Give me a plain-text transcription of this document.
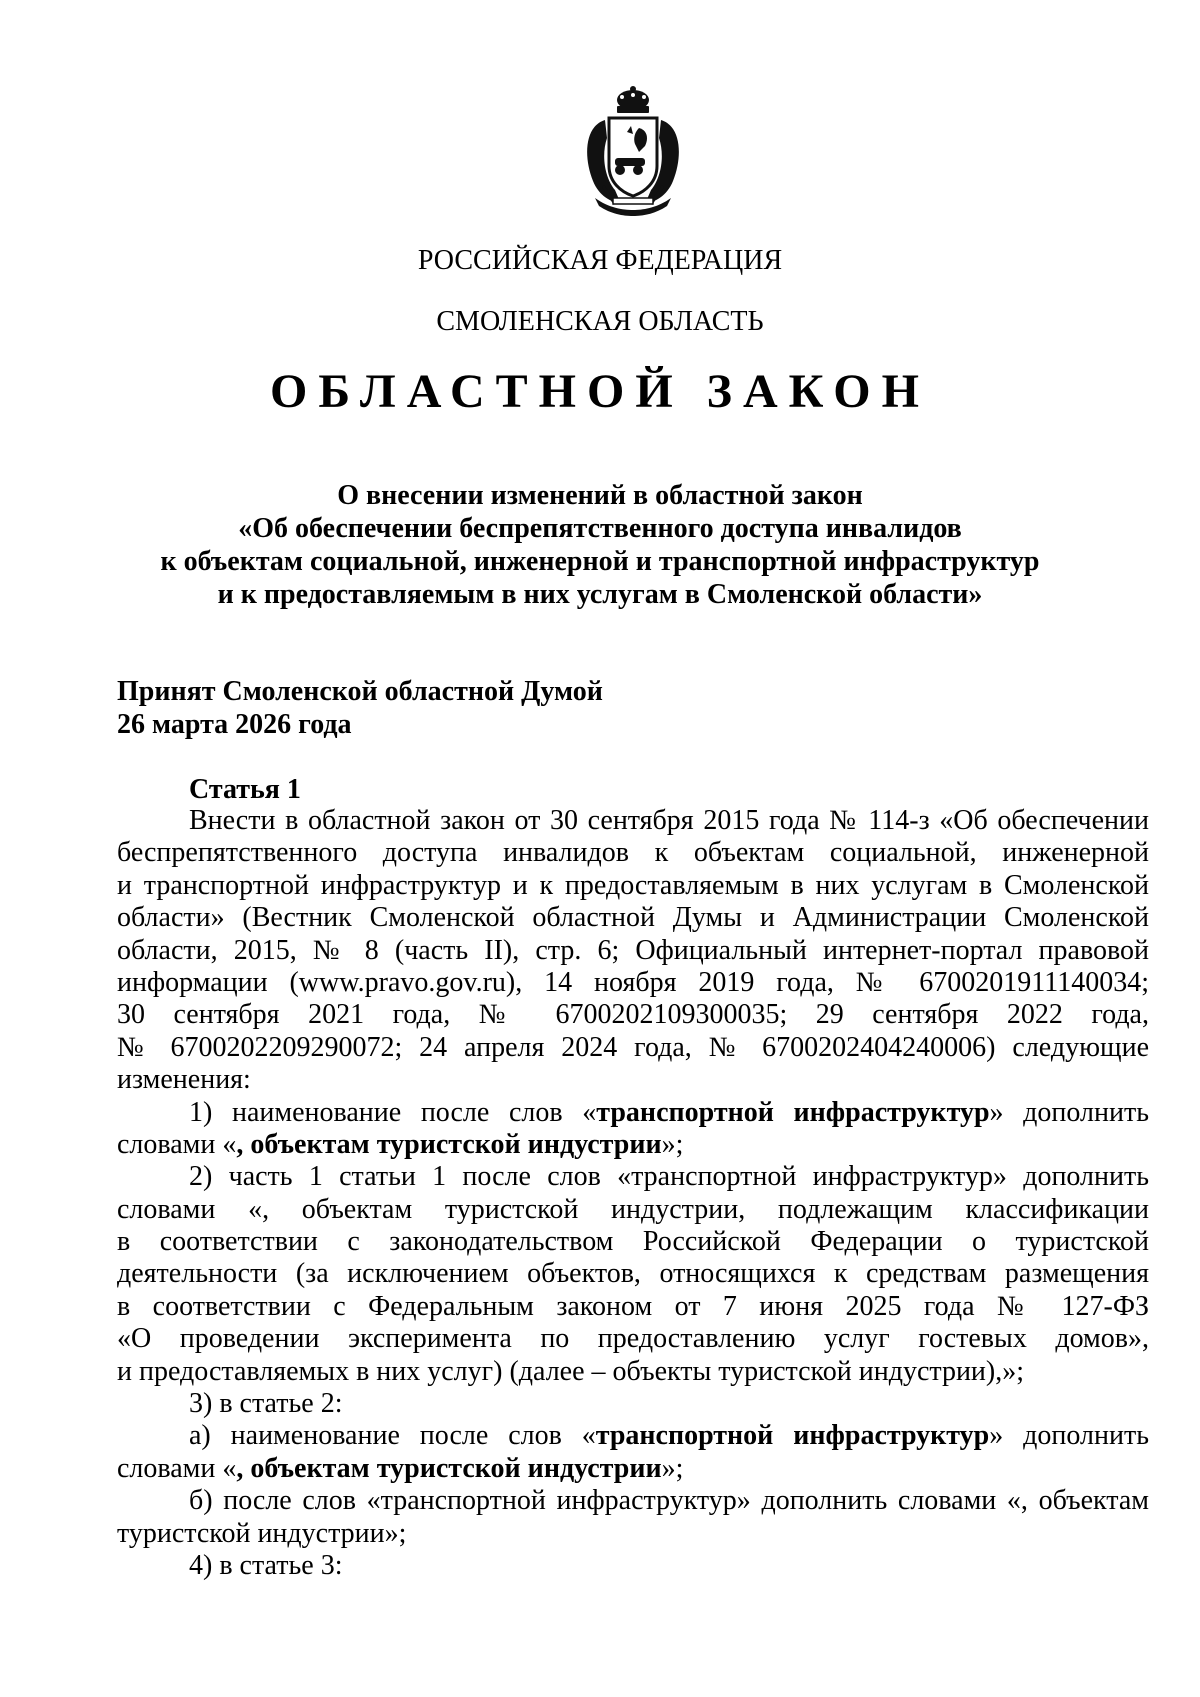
РОССИЙСКАЯ ФЕДЕРАЦИЯ
СМОЛЕНСКАЯ ОБЛАСТЬ
ОБЛАСТНОЙ ЗАКОН
О внесении изменений в областной закон
«Об обеспечении беспрепятственного доступа инвалидов
к объектам социальной, инженерной и транспортной инфраструктур
и к предоставляемым в них услугам в Смоленской области»
Принят Смоленской областной Думой
26 марта 2026 года
Статья 1
Внести в областной закон от 30 сентября 2015 года № 114-з «Об обеспечении
беспрепятственного доступа инвалидов к объектам социальной, инженерной
и транспортной инфраструктур и к предоставляемым в них услугам в Смоленской
области» (Вестник Смоленской областной Думы и Администрации Смоленской
области, 2015, № 8 (часть II), стр. 6; Официальный интернет-портал правовой
информации (www.pravo.gov.ru), 14 ноября 2019 года, № 6700201911140034;
30 сентября 2021 года, № 6700202109300035; 29 сентября 2022 года,
№ 6700202209290072; 24 апреля 2024 года, № 6700202404240006) следующие
изменения:
1) наименование после слов «транспортной инфраструктур» дополнить
словами «, объектам туристской индустрии»;
2) часть 1 статьи 1 после слов «транспортной инфраструктур» дополнить
словами «, объектам туристской индустрии, подлежащим классификации
в соответствии с законодательством Российской Федерации о туристской
деятельности (за исключением объектов, относящихся к средствам размещения
в соответствии с Федеральным законом от 7 июня 2025 года № 127-ФЗ
«О проведении эксперимента по предоставлению услуг гостевых домов»,
и предоставляемых в них услуг) (далее – объекты туристской индустрии),»;
3) в статье 2:
а) наименование после слов «транспортной инфраструктур» дополнить
словами «, объектам туристской индустрии»;
б) после слов «транспортной инфраструктур» дополнить словами «, объектам
туристской индустрии»;
4) в статье 3:
